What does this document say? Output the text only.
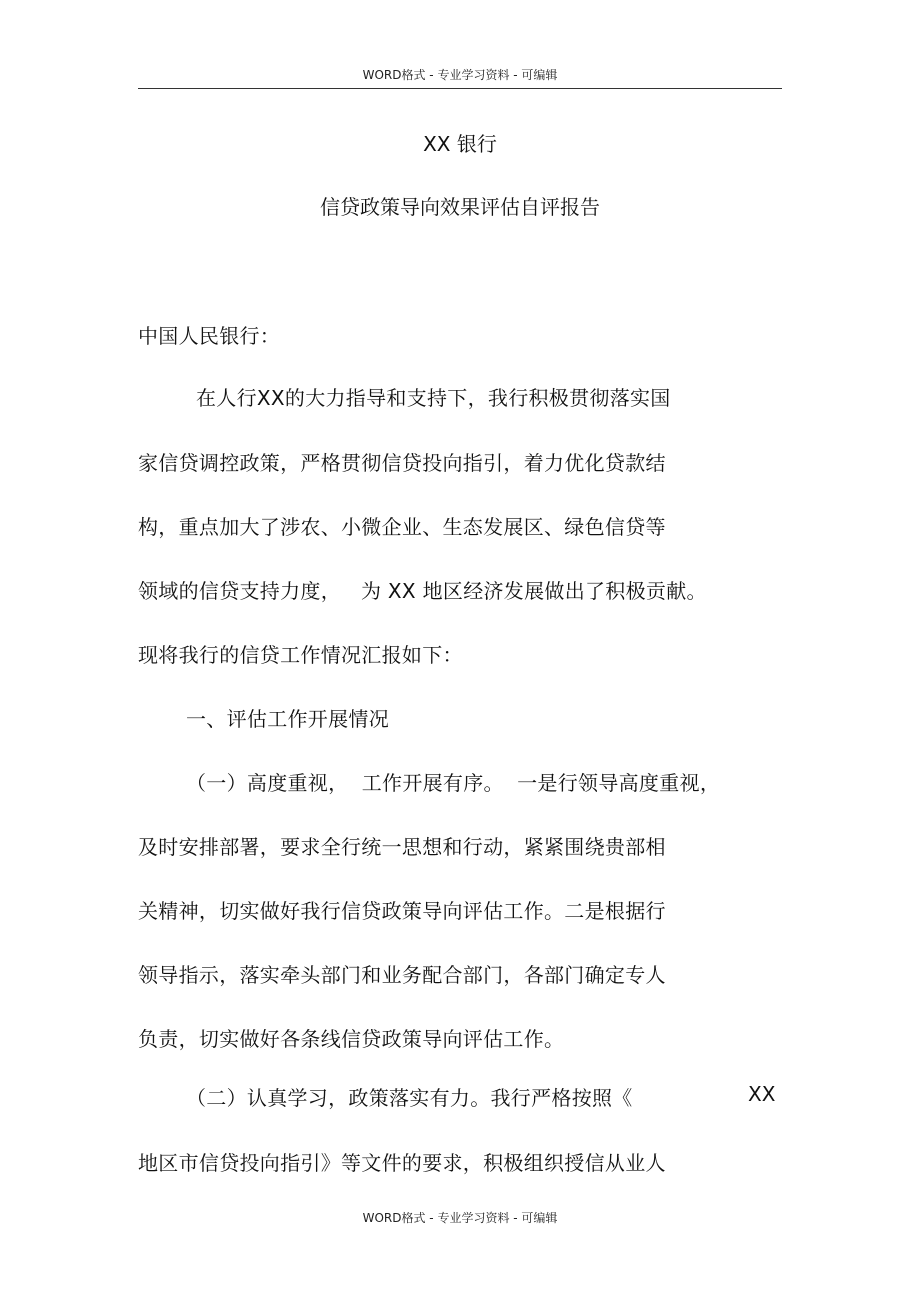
WORD格式 - 专业学习资料 - 可编辑
XX 银行
信贷政策导向效果评估自评报告
中国人民银行：
在人行XX的大力指导和支持下，我行积极贯彻落实国
家信贷调控政策，严格贯彻信贷投向指引，着力优化贷款结
构，重点加大了涉农、小微企业、生态发展区、绿色信贷等
领域的信贷支持力度，   为 XX 地区经济发展做出了积极贡献。
现将我行的信贷工作情况汇报如下：
一、评估工作开展情况
（一）高度重视，  工作开展有序。  一是行领导高度重视，
及时安排部署，要求全行统一思想和行动，紧紧围绕贵部相
关精神，切实做好我行信贷政策导向评估工作。二是根据行
领导指示，落实牵头部门和业务配合部门，各部门确定专人
负责，切实做好各条线信贷政策导向评估工作。
（二）认真学习，政策落实有力。我行严格按照《	XX
地区市信贷投向指引》等文件的要求，积极组织授信从业人
WORD格式 - 专业学习资料 - 可编辑
